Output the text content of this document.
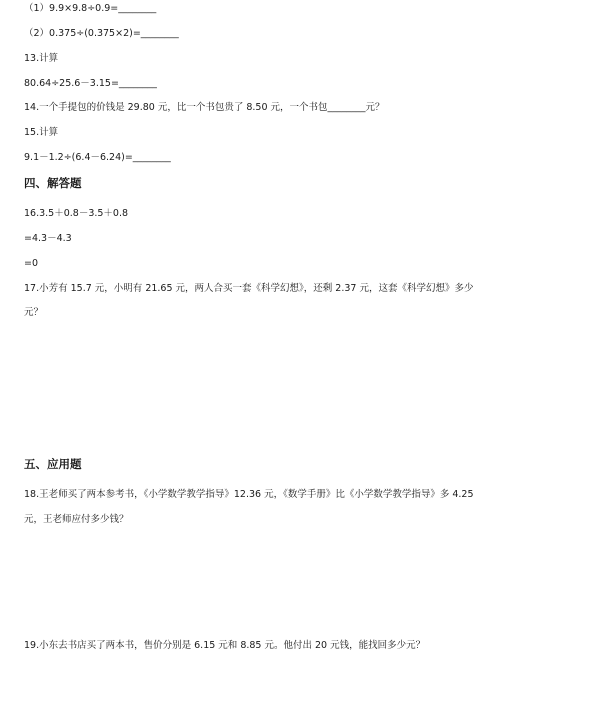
（1）9.9×9.8÷0.9=________
（2）0.375÷(0.375×2)=________
13.计算
80.64÷25.6－3.15=________
14.一个手提包的价钱是 29.80 元，比一个书包贵了 8.50 元，一个书包________元？
15.计算
9.1－1.2÷(6.4－6.24)=________
四、解答题
16.3.5＋0.8－3.5＋0.8
=4.3－4.3
=0
17.小芳有 15.7 元，小明有 21.65 元，两人合买一套《科学幻想》，还剩 2.37 元，这套《科学幻想》多少
元？
五、应用题
18.王老师买了两本参考书，《小学数学教学指导》12.36 元，《数学手册》比《小学数学教学指导》多 4.25
元，王老师应付多少钱？
19.小东去书店买了两本书，售价分别是 6.15 元和 8.85 元。他付出 20 元钱，能找回多少元？
